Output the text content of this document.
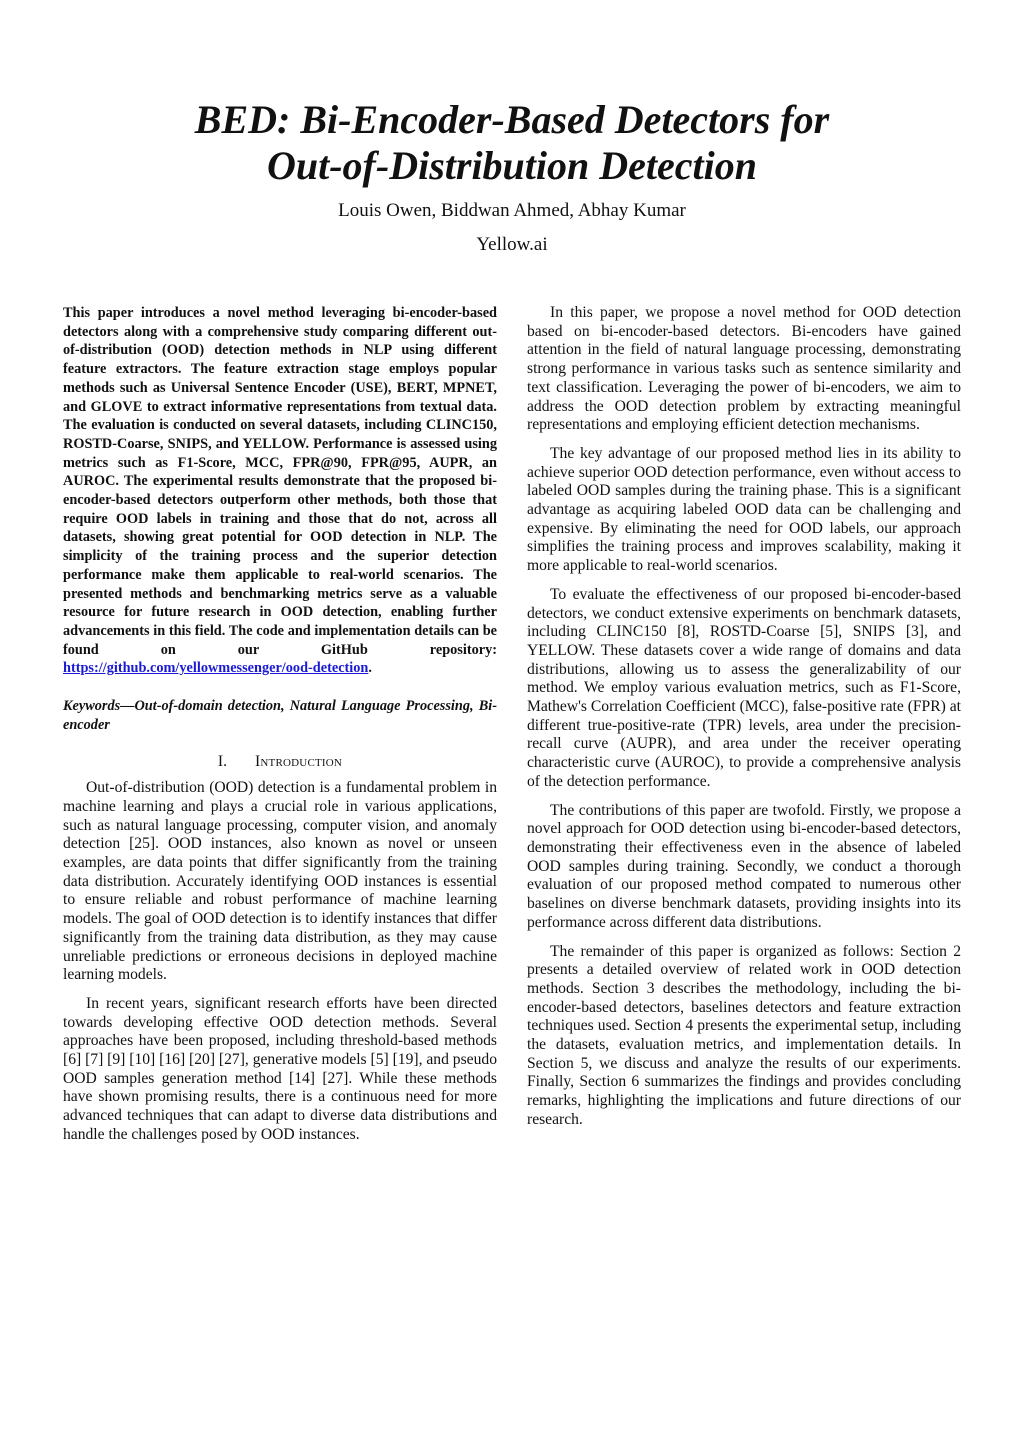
BED: Bi-Encoder-Based Detectors for
Out-of-Distribution Detection
Louis Owen, Biddwan Ahmed, Abhay Kumar
Yellow.ai

This paper introduces a novel method leveraging bi-encoder-based detectors along with a comprehensive study comparing different out-of-distribution (OOD) detection methods in NLP using different feature extractors. The feature extraction stage employs popular methods such as Universal Sentence Encoder (USE), BERT, MPNET, and GLOVE to extract informative representations from textual data. The evaluation is conducted on several datasets, including CLINC150, ROSTD-Coarse, SNIPS, and YELLOW. Performance is assessed using metrics such as F1-Score, MCC, FPR@90, FPR@95, AUPR, an AUROC. The experimental results demonstrate that the proposed bi-encoder-based detectors outperform other methods, both those that require OOD labels in training and those that do not, across all datasets, showing great potential for OOD detection in NLP. The simplicity of the training process and the superior detection performance make them applicable to real-world scenarios. The presented methods and benchmarking metrics serve as a valuable resource for future research in OOD detection, enabling further advancements in this field. The code and implementation details can be found on our GitHub repository: https://github.com/yellowmessenger/ood-detection.

Keywords—Out-of-domain detection, Natural Language Processing, Bi-encoder

I. Introduction

Out-of-distribution (OOD) detection is a fundamental problem in machine learning and plays a crucial role in various applications, such as natural language processing, computer vision, and anomaly detection [25]. OOD instances, also known as novel or unseen examples, are data points that differ significantly from the training data distribution. Accurately identifying OOD instances is essential to ensure reliable and robust performance of machine learning models. The goal of OOD detection is to identify instances that differ significantly from the training data distribution, as they may cause unreliable predictions or erroneous decisions in deployed machine learning models.

In recent years, significant research efforts have been directed towards developing effective OOD detection methods. Several approaches have been proposed, including threshold-based methods [6] [7] [9] [10] [16] [20] [27], generative models [5] [19], and pseudo OOD samples generation method [14] [27]. While these methods have shown promising results, there is a continuous need for more advanced techniques that can adapt to diverse data distributions and handle the challenges posed by OOD instances.

In this paper, we propose a novel method for OOD detection based on bi-encoder-based detectors. Bi-encoders have gained attention in the field of natural language processing, demonstrating strong performance in various tasks such as sentence similarity and text classification. Leveraging the power of bi-encoders, we aim to address the OOD detection problem by extracting meaningful representations and employing efficient detection mechanisms.

The key advantage of our proposed method lies in its ability to achieve superior OOD detection performance, even without access to labeled OOD samples during the training phase. This is a significant advantage as acquiring labeled OOD data can be challenging and expensive. By eliminating the need for OOD labels, our approach simplifies the training process and improves scalability, making it more applicable to real-world scenarios.

To evaluate the effectiveness of our proposed bi-encoder-based detectors, we conduct extensive experiments on benchmark datasets, including CLINC150 [8], ROSTD-Coarse [5], SNIPS [3], and YELLOW. These datasets cover a wide range of domains and data distributions, allowing us to assess the generalizability of our method. We employ various evaluation metrics, such as F1-Score, Mathew's Correlation Coefficient (MCC), false-positive rate (FPR) at different true-positive-rate (TPR) levels, area under the precision-recall curve (AUPR), and area under the receiver operating characteristic curve (AUROC), to provide a comprehensive analysis of the detection performance.

The contributions of this paper are twofold. Firstly, we propose a novel approach for OOD detection using bi-encoder-based detectors, demonstrating their effectiveness even in the absence of labeled OOD samples during training. Secondly, we conduct a thorough evaluation of our proposed method compated to numerous other baselines on diverse benchmark datasets, providing insights into its performance across different data distributions.

The remainder of this paper is organized as follows: Section 2 presents a detailed overview of related work in OOD detection methods. Section 3 describes the methodology, including the bi-encoder-based detectors, baselines detectors and feature extraction techniques used. Section 4 presents the experimental setup, including the datasets, evaluation metrics, and implementation details. In Section 5, we discuss and analyze the results of our experiments. Finally, Section 6 summarizes the findings and provides concluding remarks, highlighting the implications and future directions of our research.
